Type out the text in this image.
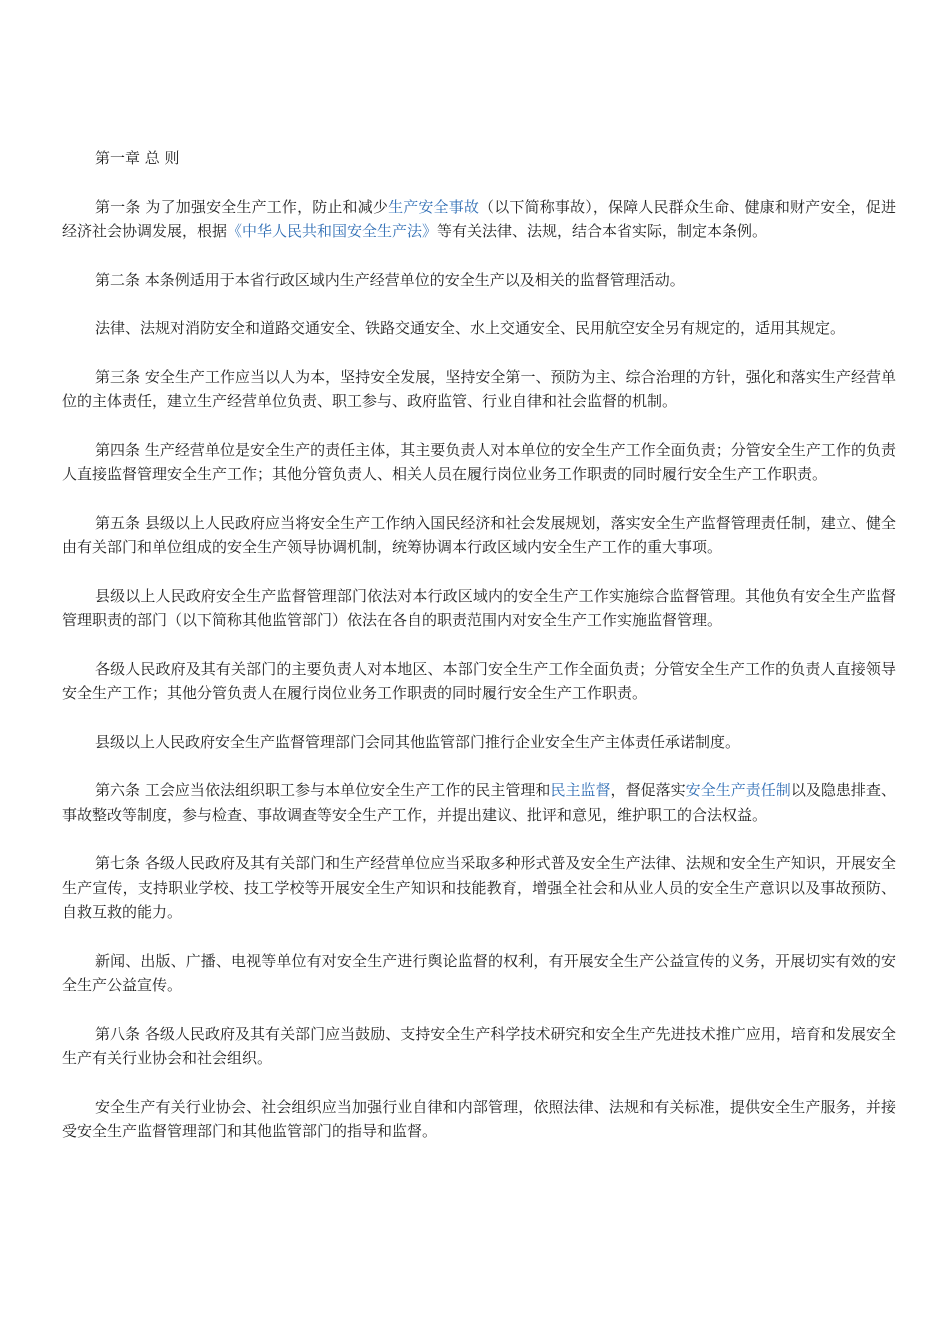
第一章 总 则

第一条 为了加强安全生产工作，防止和减少生产安全事故（以下简称事故），保障人民群众生命、健康和财产安全，促进经济社会协调发展，根据《中华人民共和国安全生产法》等有关法律、法规，结合本省实际，制定本条例。

第二条 本条例适用于本省行政区域内生产经营单位的安全生产以及相关的监督管理活动。

法律、法规对消防安全和道路交通安全、铁路交通安全、水上交通安全、民用航空安全另有规定的，适用其规定。

第三条 安全生产工作应当以人为本，坚持安全发展，坚持安全第一、预防为主、综合治理的方针，强化和落实生产经营单位的主体责任，建立生产经营单位负责、职工参与、政府监管、行业自律和社会监督的机制。

第四条 生产经营单位是安全生产的责任主体，其主要负责人对本单位的安全生产工作全面负责；分管安全生产工作的负责人直接监督管理安全生产工作；其他分管负责人、相关人员在履行岗位业务工作职责的同时履行安全生产工作职责。

第五条 县级以上人民政府应当将安全生产工作纳入国民经济和社会发展规划，落实安全生产监督管理责任制，建立、健全由有关部门和单位组成的安全生产领导协调机制，统筹协调本行政区域内安全生产工作的重大事项。

县级以上人民政府安全生产监督管理部门依法对本行政区域内的安全生产工作实施综合监督管理。其他负有安全生产监督管理职责的部门（以下简称其他监管部门）依法在各自的职责范围内对安全生产工作实施监督管理。

各级人民政府及其有关部门的主要负责人对本地区、本部门安全生产工作全面负责；分管安全生产工作的负责人直接领导安全生产工作；其他分管负责人在履行岗位业务工作职责的同时履行安全生产工作职责。

县级以上人民政府安全生产监督管理部门会同其他监管部门推行企业安全生产主体责任承诺制度。

第六条 工会应当依法组织职工参与本单位安全生产工作的民主管理和民主监督，督促落实安全生产责任制以及隐患排查、事故整改等制度，参与检查、事故调查等安全生产工作，并提出建议、批评和意见，维护职工的合法权益。

第七条 各级人民政府及其有关部门和生产经营单位应当采取多种形式普及安全生产法律、法规和安全生产知识，开展安全生产宣传，支持职业学校、技工学校等开展安全生产知识和技能教育，增强全社会和从业人员的安全生产意识以及事故预防、自救互救的能力。

新闻、出版、广播、电视等单位有对安全生产进行舆论监督的权利，有开展安全生产公益宣传的义务，开展切实有效的安全生产公益宣传。

第八条 各级人民政府及其有关部门应当鼓励、支持安全生产科学技术研究和安全生产先进技术推广应用，培育和发展安全生产有关行业协会和社会组织。

安全生产有关行业协会、社会组织应当加强行业自律和内部管理，依照法律、法规和有关标准，提供安全生产服务，并接受安全生产监督管理部门和其他监管部门的指导和监督。
